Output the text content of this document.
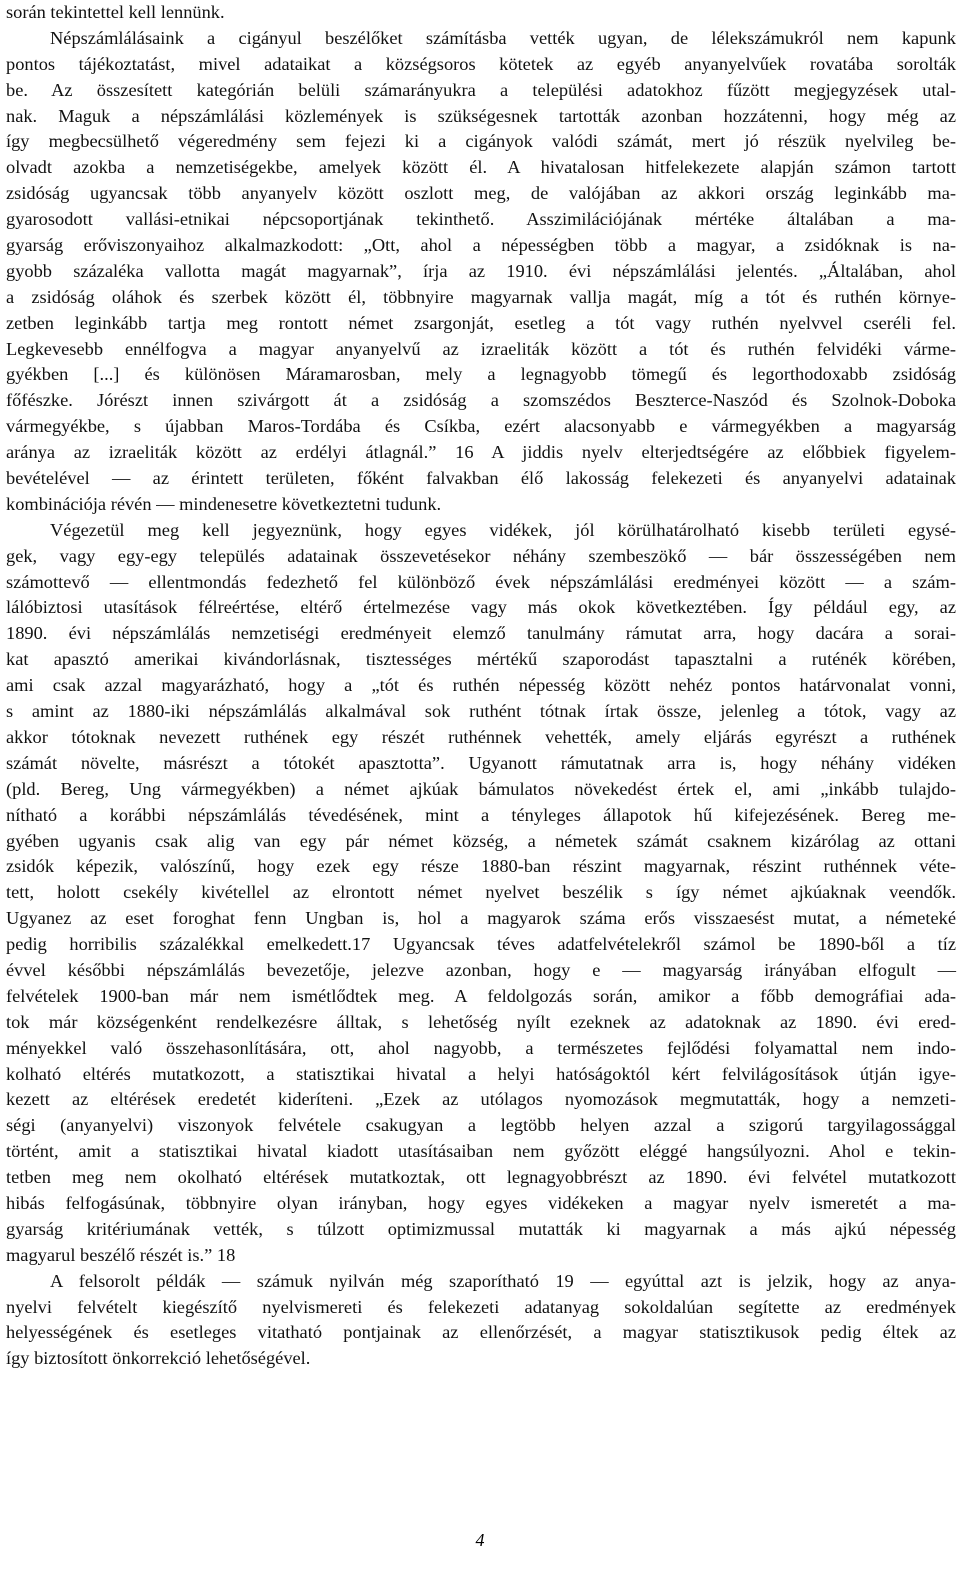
során tekintettel kell lennünk.
Népszámlálásaink a cigányul beszélőket számításba vették ugyan, de lélekszámukról nem kapunk
pontos tájékoztatást, mivel adataikat a községsoros kötetek az egyéb anyanyelvűek rovatába sorolták
be. Az összesített kategórián belüli számarányukra a települési adatokhoz fűzött megjegyzések utal-
nak. Maguk a népszámlálási közlemények is szükségesnek tartották azonban hozzátenni, hogy még az
így megbecsülhető végeredmény sem fejezi ki a cigányok valódi számát, mert jó részük nyelvileg be-
olvadt azokba a nemzetiségekbe, amelyek között él. A hivatalosan hitfelekezete alapján számon tartott
zsidóság ugyancsak több anyanyelv között oszlott meg, de valójában az akkori ország leginkább ma-
gyarosodott vallási-etnikai népcsoportjának tekinthető. Asszimilációjának mértéke általában a ma-
gyarság erőviszonyaihoz alkalmazkodott: „Ott, ahol a népességben több a magyar, a zsidóknak is na-
gyobb százaléka vallotta magát magyarnak”, írja az 1910. évi népszámlálási jelentés. „Általában, ahol
a zsidóság oláhok és szerbek között él, többnyire magyarnak vallja magát, míg a tót és ruthén környe-
zetben leginkább tartja meg rontott német zsargonját, esetleg a tót vagy ruthén nyelvvel cseréli fel.
Legkevesebb ennélfogva a magyar anyanyelvű az izraeliták között a tót és ruthén felvidéki várme-
gyékben [...] és különösen Máramarosban, mely a legnagyobb tömegű és legorthodoxabb zsidóság
főfészke. Jórészt innen szivárgott át a zsidóság a szomszédos Beszterce-Naszód és Szolnok-Doboka
vármegyékbe, s újabban Maros-Tordába és Csíkba, ezért alacsonyabb e vármegyékben a magyarság
aránya az izraeliták között az erdélyi átlagnál.” 16 A jiddis nyelv elterjedtségére az előbbiek figyelem-
bevételével — az érintett területen, főként falvakban élő lakosság felekezeti és anyanyelvi adatainak
kombinációja révén — mindenesetre következtetni tudunk.
Végezetül meg kell jegyeznünk, hogy egyes vidékek, jól körülhatárolható kisebb területi egysé-
gek, vagy egy-egy település adatainak összevetésekor néhány szembeszökő — bár összességében nem
számottevő — ellentmondás fedezhető fel különböző évek népszámlálási eredményei között — a szám-
lálóbiztosi utasítások félreértése, eltérő értelmezése vagy más okok következtében. Így például egy, az
1890. évi népszámlálás nemzetiségi eredményeit elemző tanulmány rámutat arra, hogy dacára a sorai-
kat apasztó amerikai kivándorlásnak, tisztességes mértékű szaporodást tapasztalni a ruténék körében,
ami csak azzal magyarázható, hogy a „tót és ruthén népesség között nehéz pontos határvonalat vonni,
s amint az 1880-iki népszámlálás alkalmával sok ruthént tótnak írtak össze, jelenleg a tótok, vagy az
akkor tótoknak nevezett ruthének egy részét ruthénnek vehették, amely eljárás egyrészt a ruthének
számát növelte, másrészt a tótokét apasztotta”. Ugyanott rámutatnak arra is, hogy néhány vidéken
(pld. Bereg, Ung vármegyékben) a német ajkúak bámulatos növekedést értek el, ami „inkább tulajdo-
nítható a korábbi népszámlálás tévedésének, mint a tényleges állapotok hű kifejezésének. Bereg me-
gyében ugyanis csak alig van egy pár német község, a németek számát csaknem kizárólag az ottani
zsidók képezik, valószínű, hogy ezek egy része 1880-ban részint magyarnak, részint ruthénnek véte-
tett, holott csekély kivétellel az elrontott német nyelvet beszélik s így német ajkúaknak veendők.
Ugyanez az eset foroghat fenn Ungban is, hol a magyarok száma erős visszaesést mutat, a németeké
pedig horribilis százalékkal emelkedett.17 Ugyancsak téves adatfelvételekről számol be 1890-ből a tíz
évvel későbbi népszámlálás bevezetője, jelezve azonban, hogy e — magyarság irányában elfogult —
felvételek 1900-ban már nem ismétlődtek meg. A feldolgozás során, amikor a főbb demográfiai ada-
tok már községenként rendelkezésre álltak, s lehetőség nyílt ezeknek az adatoknak az 1890. évi ered-
ményekkel való összehasonlítására, ott, ahol nagyobb, a természetes fejlődési folyamattal nem indo-
kolható eltérés mutatkozott, a statisztikai hivatal a helyi hatóságoktól kért felvilágosítások útján igye-
kezett az eltérések eredetét kideríteni. „Ezek az utólagos nyomozások megmutatták, hogy a nemzeti-
ségi (anyanyelvi) viszonyok felvétele csakugyan a legtöbb helyen azzal a szigorú targyilagossággal
történt, amit a statisztikai hivatal kiadott utasításaiban nem győzött eléggé hangsúlyozni. Ahol e tekin-
tetben meg nem okolható eltérések mutatkoztak, ott legnagyobbrészt az 1890. évi felvétel mutatkozott
hibás felfogásúnak, többnyire olyan irányban, hogy egyes vidékeken a magyar nyelv ismeretét a ma-
gyarság kritériumának vették, s túlzott optimizmussal mutatták ki magyarnak a más ajkú népesség
magyarul beszélő részét is.” 18
A felsorolt példák — számuk nyilván még szaporítható 19 — egyúttal azt is jelzik, hogy az anya-
nyelvi felvételt kiegészítő nyelvismereti és felekezeti adatanyag sokoldalúan segítette az eredmények
helyességének és esetleges vitatható pontjainak az ellenőrzését, a magyar statisztikusok pedig éltek az
így biztosított önkorrekció lehetőségével.
4
